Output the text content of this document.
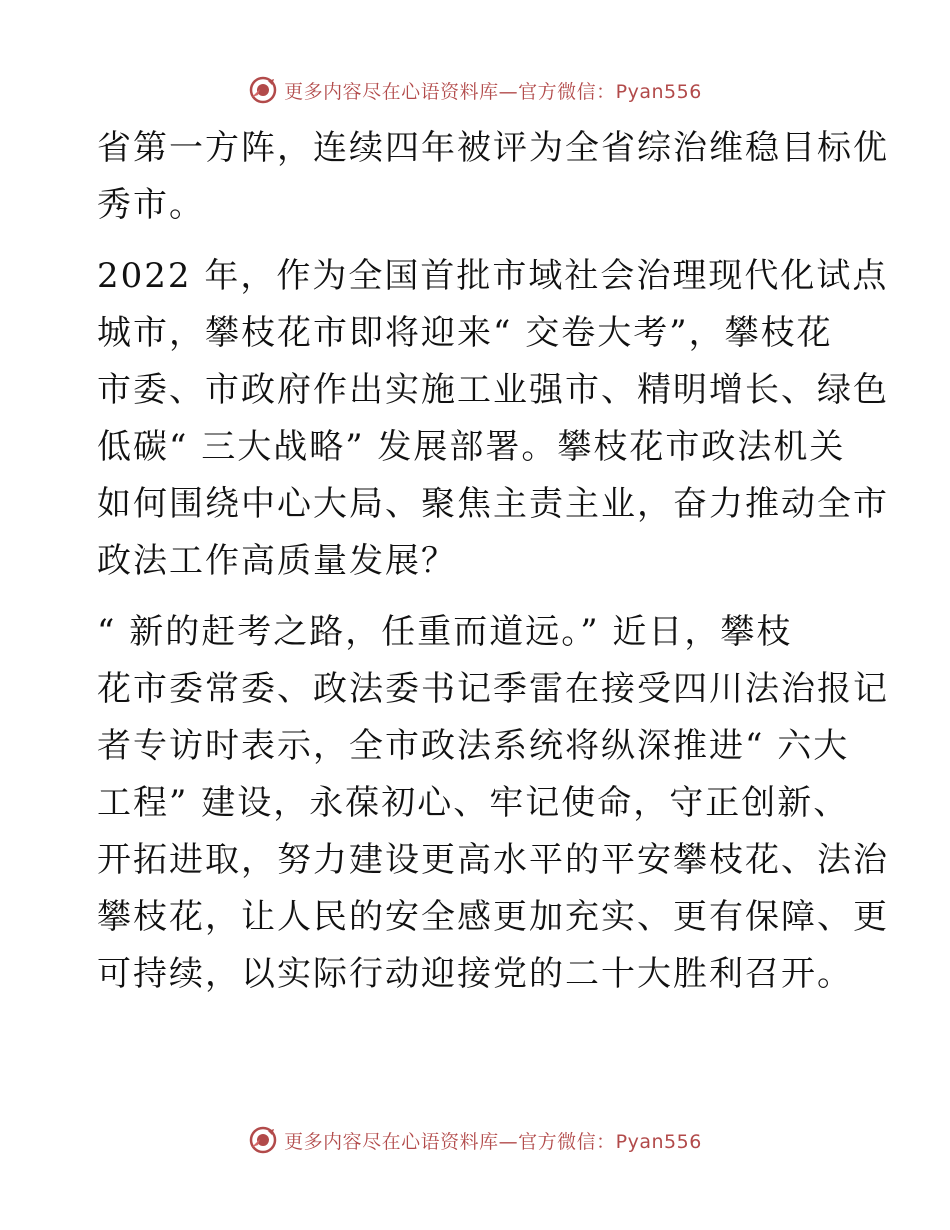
更多内容尽在心语资料库—官方微信：Pyan556

省第一方阵，连续四年被评为全省综治维稳目标优
秀市。

2022 年，作为全国首批市域社会治理现代化试点
城市，攀枝花市即将迎来“ 交卷大考”，攀枝花
市委、市政府作出实施工业强市、精明增长、绿色
低碳“ 三大战略” 发展部署。攀枝花市政法机关
如何围绕中心大局、聚焦主责主业，奋力推动全市
政法工作高质量发展？

“ 新的赶考之路，任重而道远。” 近日，攀枝
花市委常委、政法委书记季雷在接受四川法治报记
者专访时表示，全市政法系统将纵深推进“ 六大
工程” 建设，永葆初心、牢记使命，守正创新、
开拓进取，努力建设更高水平的平安攀枝花、法治
攀枝花，让人民的安全感更加充实、更有保障、更
可持续，以实际行动迎接党的二十大胜利召开。

更多内容尽在心语资料库—官方微信：Pyan556
